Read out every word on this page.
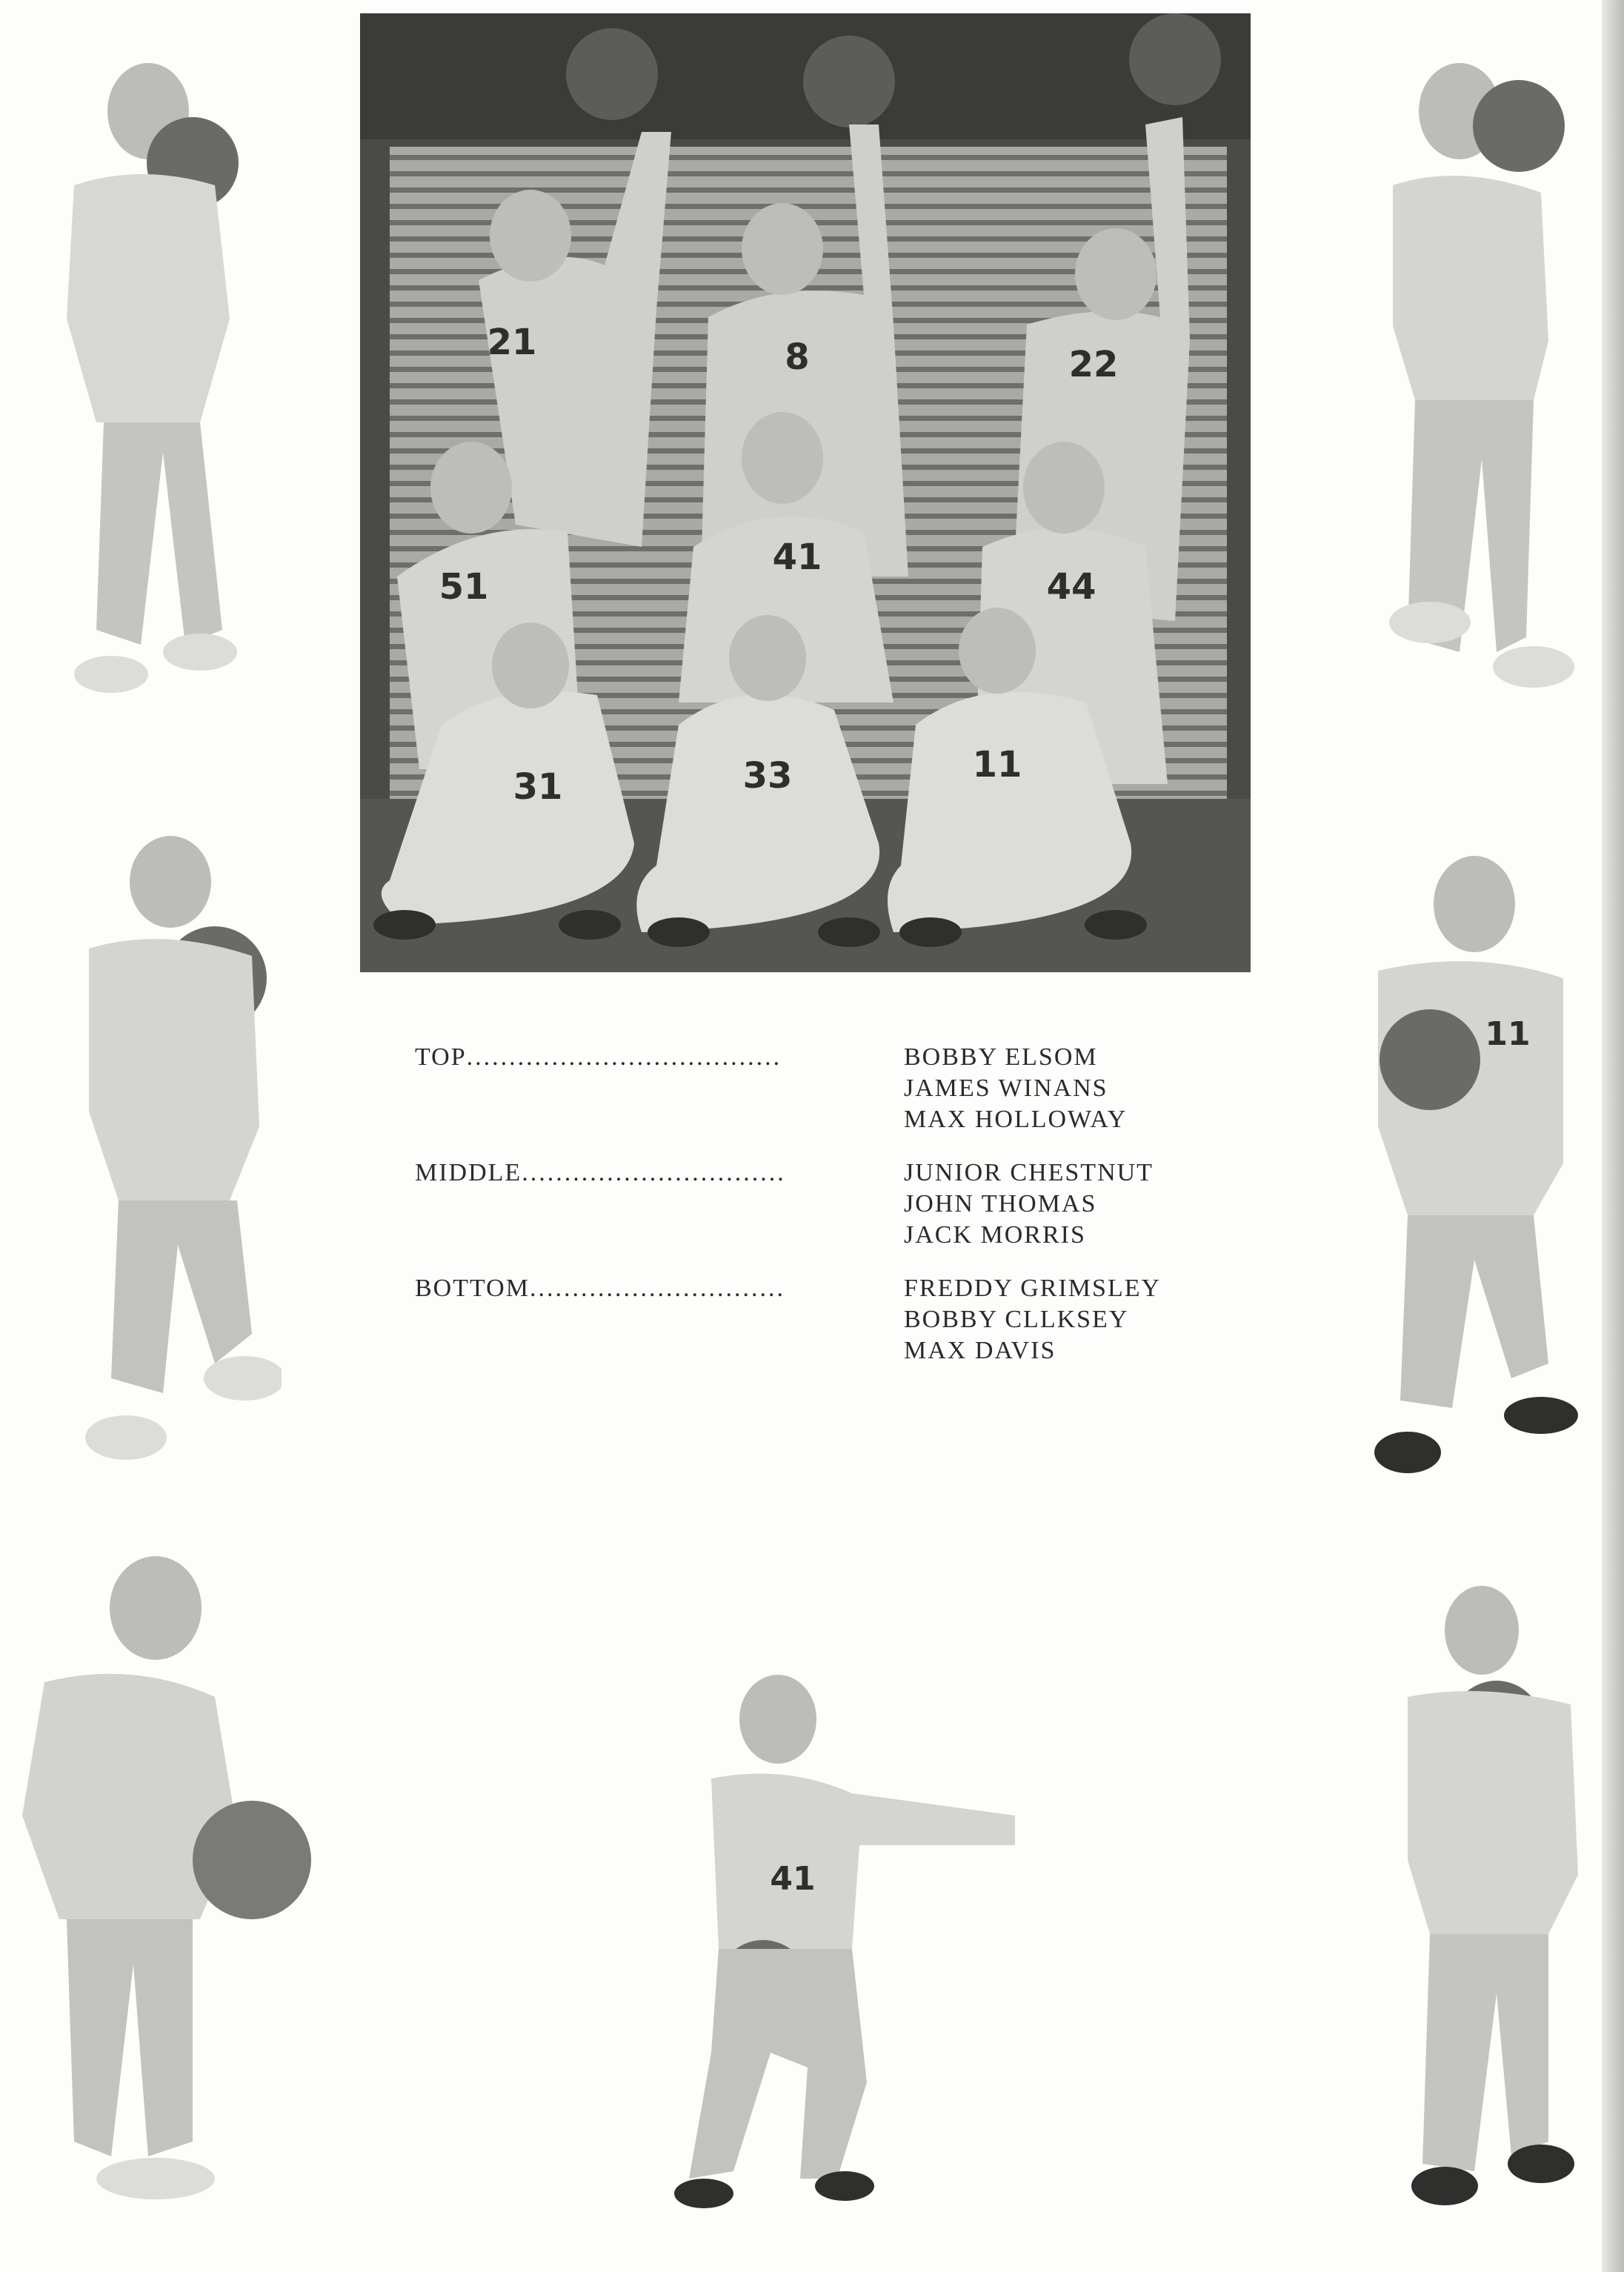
21	8	22
51
41
44
31	33	11
41
11
TOP.....................................	BOBBY ELSOM
JAMES WINANS
MAX HOLLOWAY
MIDDLE...............................	JUNIOR CHESTNUT
JOHN THOMAS
JACK MORRIS
BOTTOM..............................	FREDDY GRIMSLEY
BOBBY CLLKSEY
MAX DAVIS
